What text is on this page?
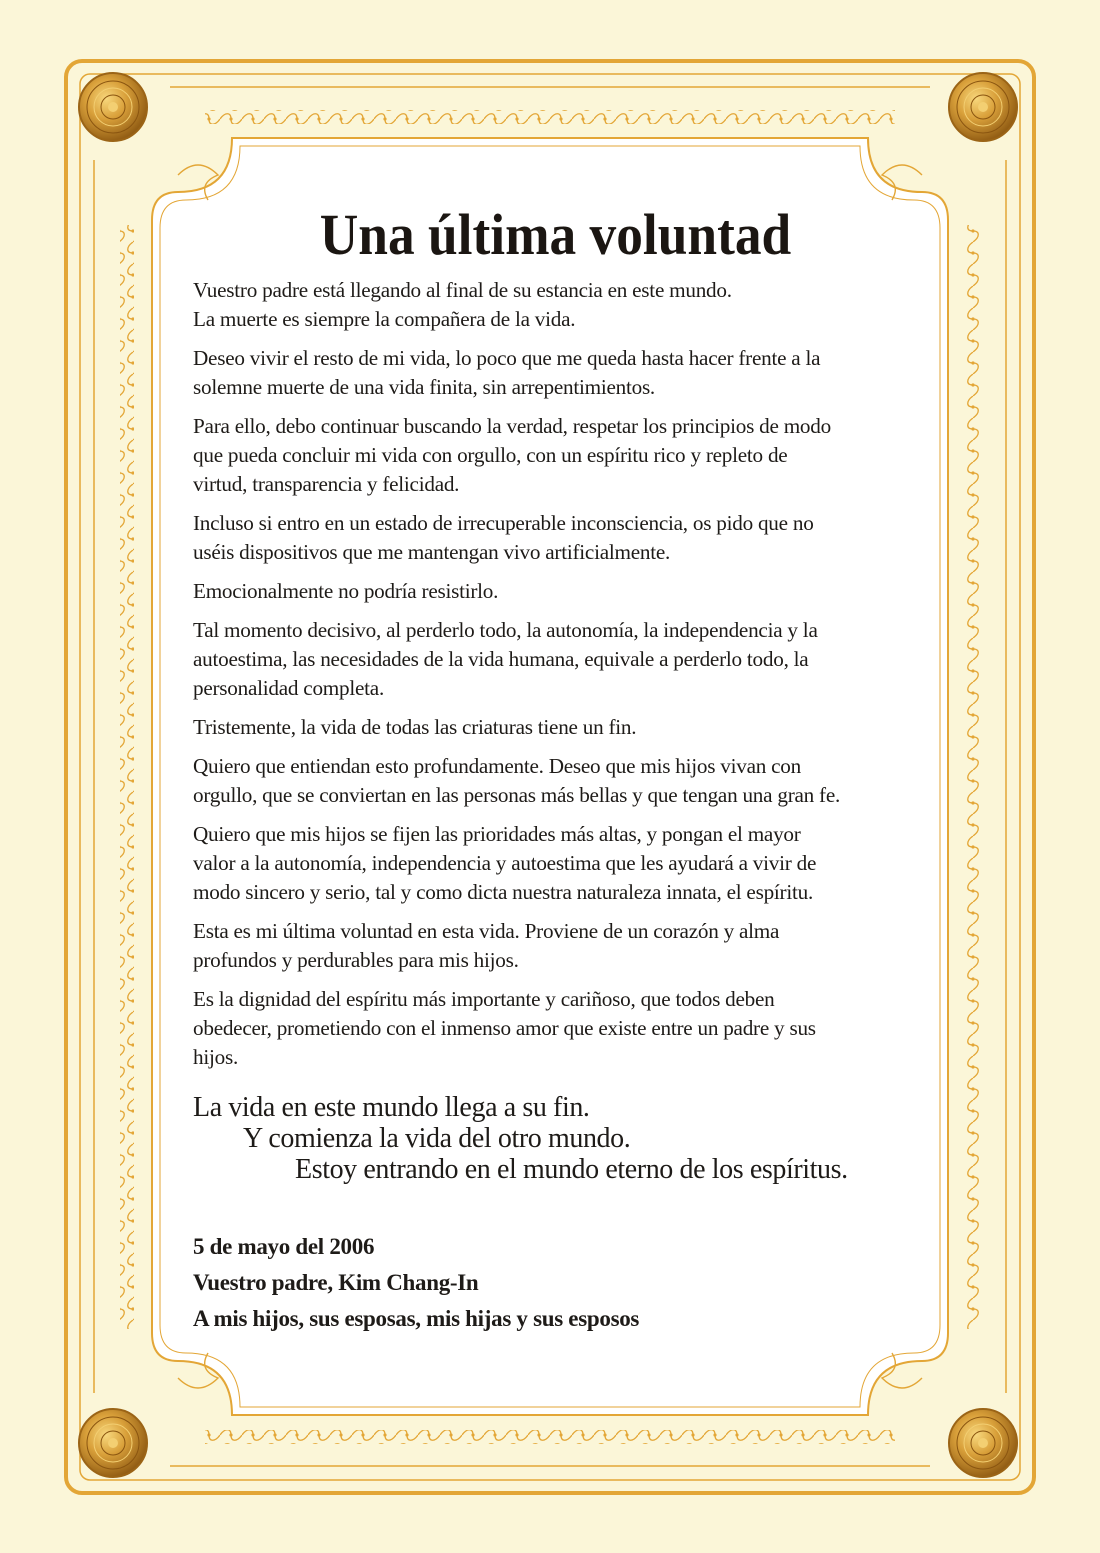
Una última voluntad

Vuestro padre está llegando al final de su estancia en este mundo.
La muerte es siempre la compañera de la vida.

Deseo vivir el resto de mi vida, lo poco que me queda hasta hacer frente a la
solemne muerte de una vida finita, sin arrepentimientos.

Para ello, debo continuar buscando la verdad, respetar los principios de modo
que pueda concluir mi vida con orgullo, con un espíritu rico y repleto de
virtud, transparencia y felicidad.

Incluso si entro en un estado de irrecuperable inconsciencia, os pido que no
uséis dispositivos que me mantengan vivo artificialmente.

Emocionalmente no podría resistirlo.

Tal momento decisivo, al perderlo todo, la autonomía, la independencia y la
autoestima, las necesidades de la vida humana, equivale a perderlo todo, la
personalidad completa.

Tristemente, la vida de todas las criaturas tiene un fin.

Quiero que entiendan esto profundamente. Deseo que mis hijos vivan con
orgullo, que se conviertan en las personas más bellas y que tengan una gran fe.

Quiero que mis hijos se fijen las prioridades más altas, y pongan el mayor
valor a la autonomía, independencia y autoestima que les ayudará a vivir de
modo sincero y serio, tal y como dicta nuestra naturaleza innata, el espíritu.

Esta es mi última voluntad en esta vida. Proviene de un corazón y alma
profundos y perdurables para mis hijos.

Es la dignidad del espíritu más importante y cariñoso, que todos deben
obedecer, prometiendo con el inmenso amor que existe entre un padre y sus
hijos.

La vida en este mundo llega a su fin.
Y comienza la vida del otro mundo.
Estoy entrando en el mundo eterno de los espíritus.
5 de mayo del 2006
Vuestro padre, Kim Chang-In
A mis hijos, sus esposas, mis hijas y sus esposos
